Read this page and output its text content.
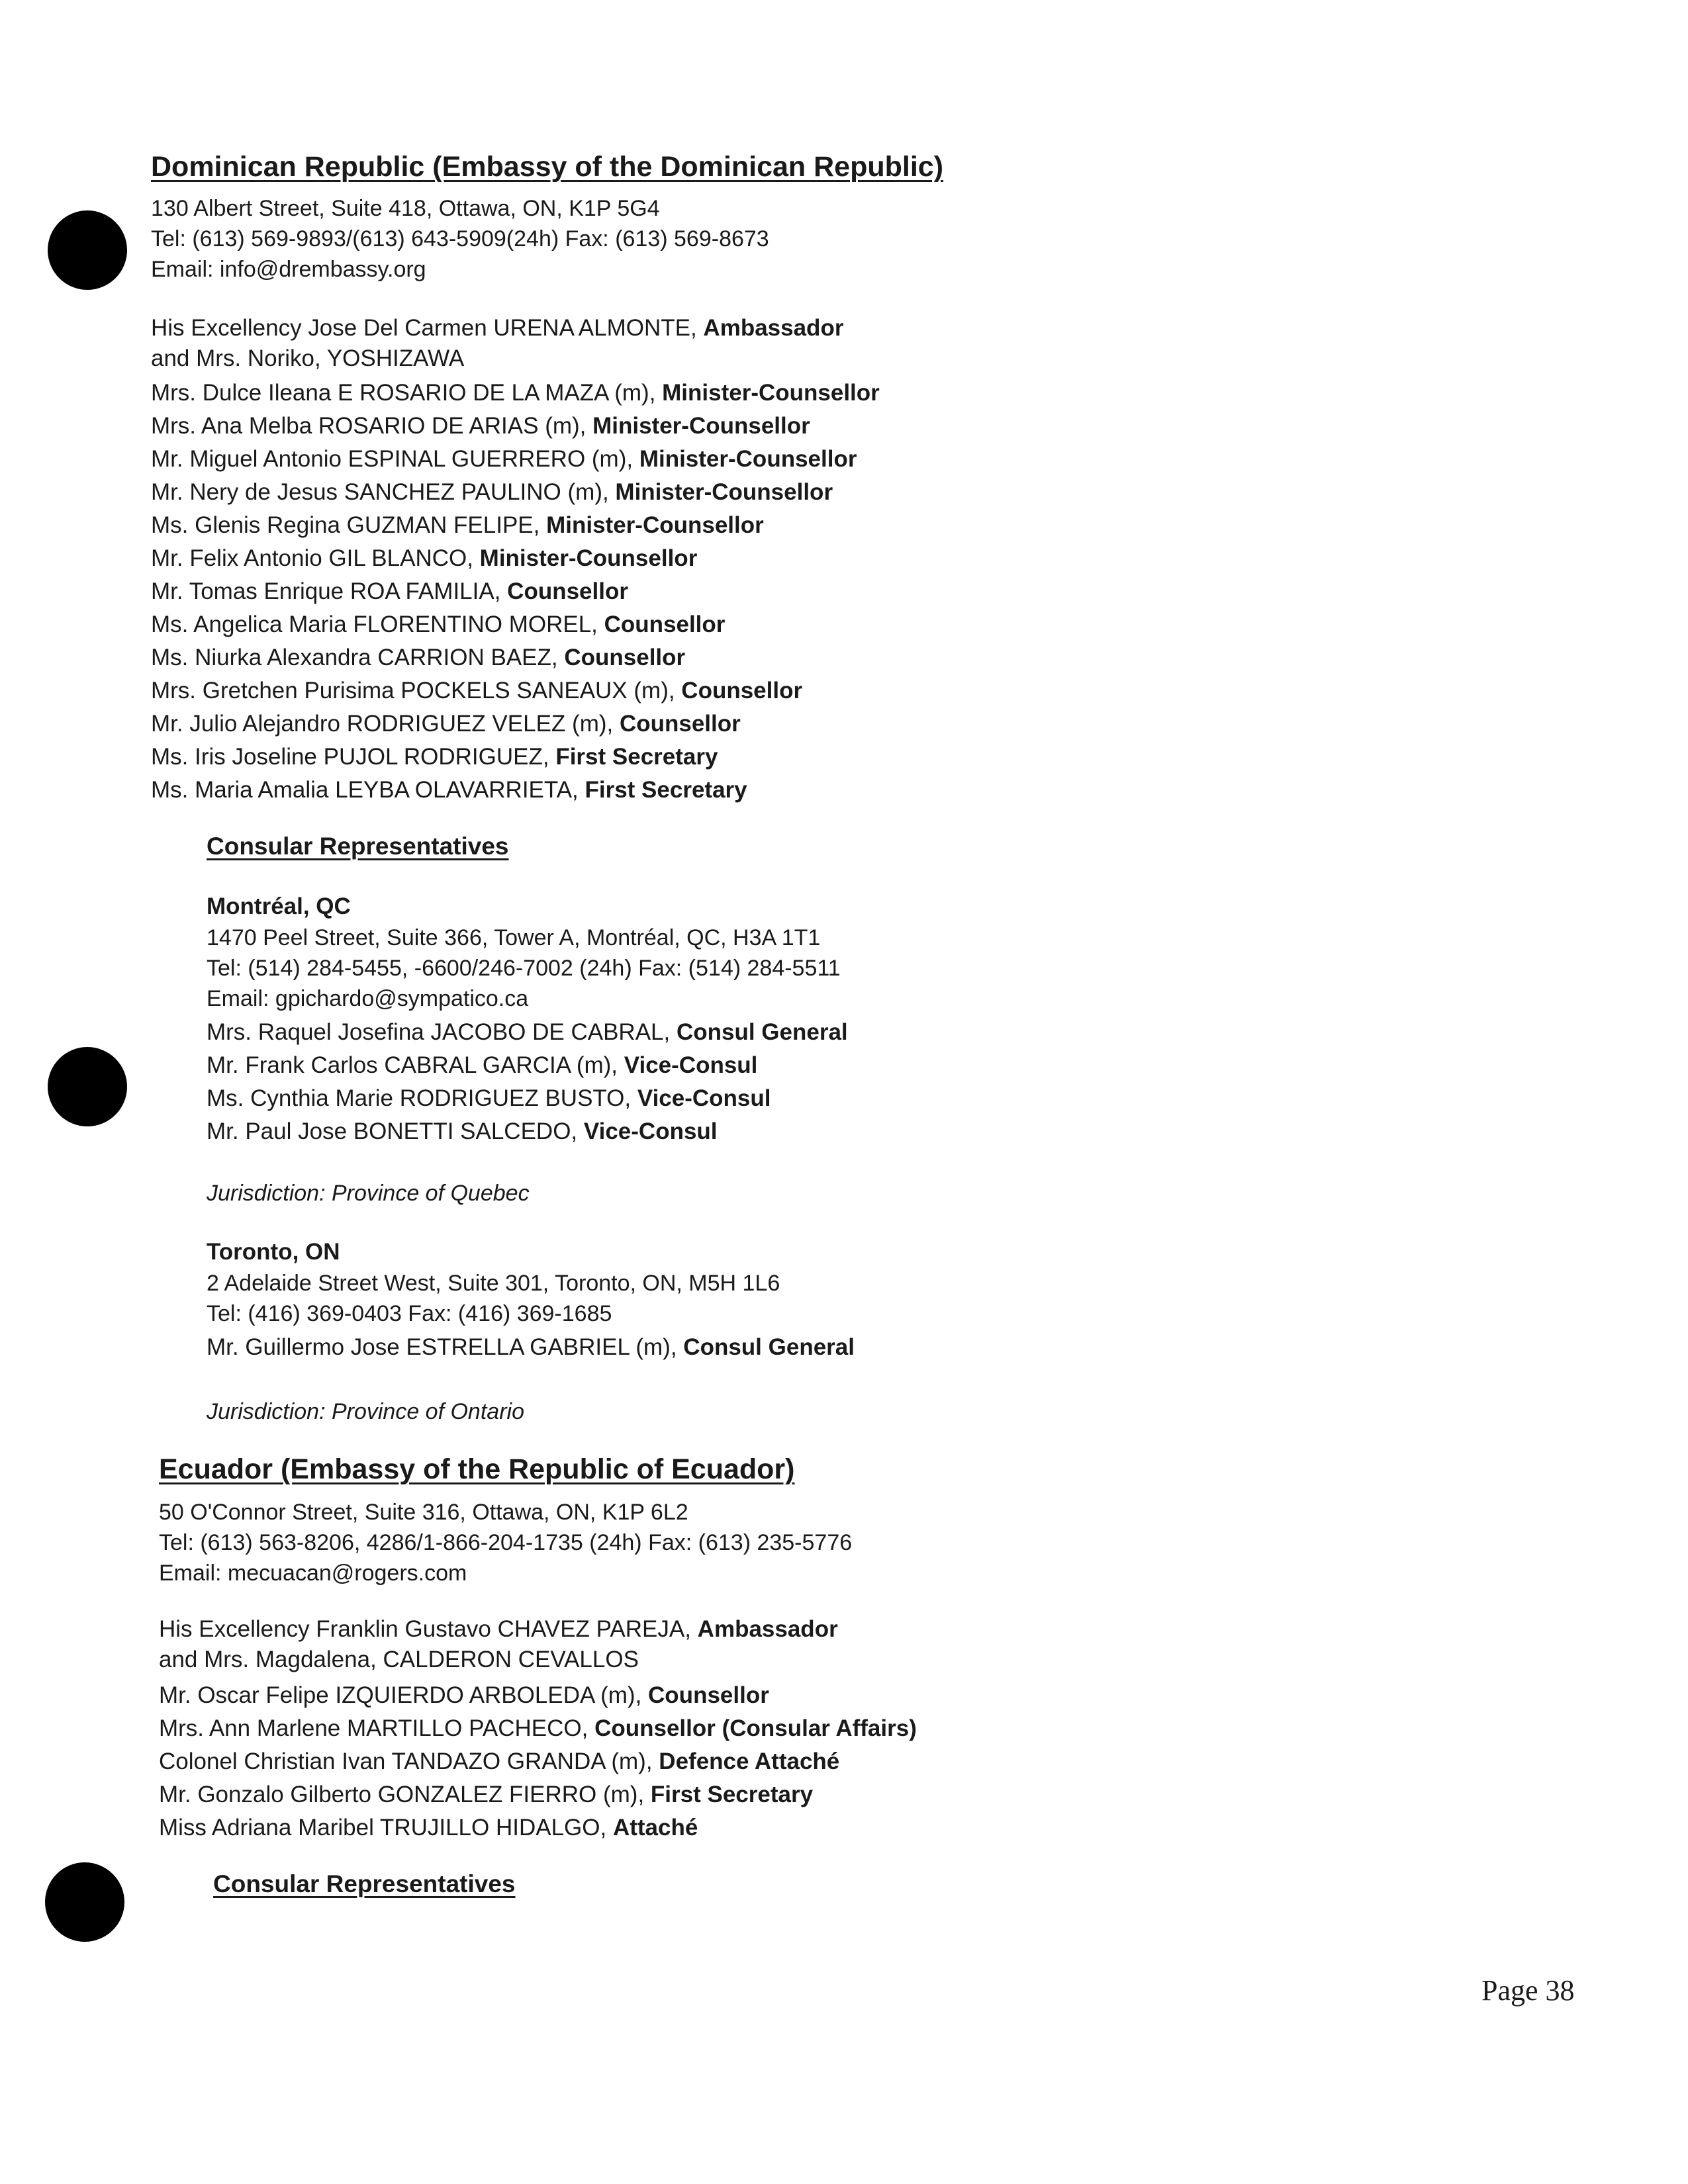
Dominican Republic (Embassy of the Dominican Republic)
130 Albert Street, Suite 418, Ottawa, ON, K1P 5G4
Tel: (613) 569-9893/(613) 643-5909(24h) Fax: (613) 569-8673
Email: info@drembassy.org
His Excellency Jose Del Carmen URENA ALMONTE, Ambassador
and Mrs. Noriko, YOSHIZAWA
Mrs. Dulce Ileana E ROSARIO DE LA MAZA (m), Minister-Counsellor
Mrs. Ana Melba ROSARIO DE ARIAS (m), Minister-Counsellor
Mr. Miguel Antonio ESPINAL GUERRERO (m), Minister-Counsellor
Mr. Nery de Jesus SANCHEZ PAULINO (m), Minister-Counsellor
Ms. Glenis Regina GUZMAN FELIPE, Minister-Counsellor
Mr. Felix Antonio GIL BLANCO, Minister-Counsellor
Mr. Tomas Enrique ROA FAMILIA, Counsellor
Ms. Angelica Maria FLORENTINO MOREL, Counsellor
Ms. Niurka Alexandra CARRION BAEZ, Counsellor
Mrs. Gretchen Purisima POCKELS SANEAUX (m), Counsellor
Mr. Julio Alejandro RODRIGUEZ VELEZ (m), Counsellor
Ms. Iris Joseline PUJOL RODRIGUEZ, First Secretary
Ms. Maria Amalia LEYBA OLAVARRIETA, First Secretary
Consular Representatives
Montréal, QC
1470 Peel Street, Suite 366, Tower A, Montréal, QC, H3A 1T1
Tel: (514) 284-5455, -6600/246-7002 (24h) Fax: (514) 284-5511
Email: gpichardo@sympatico.ca
Mrs. Raquel Josefina JACOBO DE CABRAL, Consul General
Mr. Frank Carlos CABRAL GARCIA (m), Vice-Consul
Ms. Cynthia Marie RODRIGUEZ BUSTO, Vice-Consul
Mr. Paul Jose BONETTI SALCEDO, Vice-Consul
Jurisdiction: Province of Quebec
Toronto, ON
2 Adelaide Street West, Suite 301, Toronto, ON, M5H 1L6
Tel: (416) 369-0403 Fax: (416) 369-1685
Mr. Guillermo Jose ESTRELLA GABRIEL (m), Consul General
Jurisdiction: Province of Ontario
Ecuador (Embassy of the Republic of Ecuador)
50 O'Connor Street, Suite 316, Ottawa, ON, K1P 6L2
Tel: (613) 563-8206, 4286/1-866-204-1735 (24h) Fax: (613) 235-5776
Email: mecuacan@rogers.com
His Excellency Franklin Gustavo CHAVEZ PAREJA, Ambassador
and Mrs. Magdalena, CALDERON CEVALLOS
Mr. Oscar Felipe IZQUIERDO ARBOLEDA (m), Counsellor
Mrs. Ann Marlene MARTILLO PACHECO, Counsellor (Consular Affairs)
Colonel Christian Ivan TANDAZO GRANDA (m), Defence Attaché
Mr. Gonzalo Gilberto GONZALEZ FIERRO (m), First Secretary
Miss Adriana Maribel TRUJILLO HIDALGO, Attaché
Consular Representatives
Page 38
